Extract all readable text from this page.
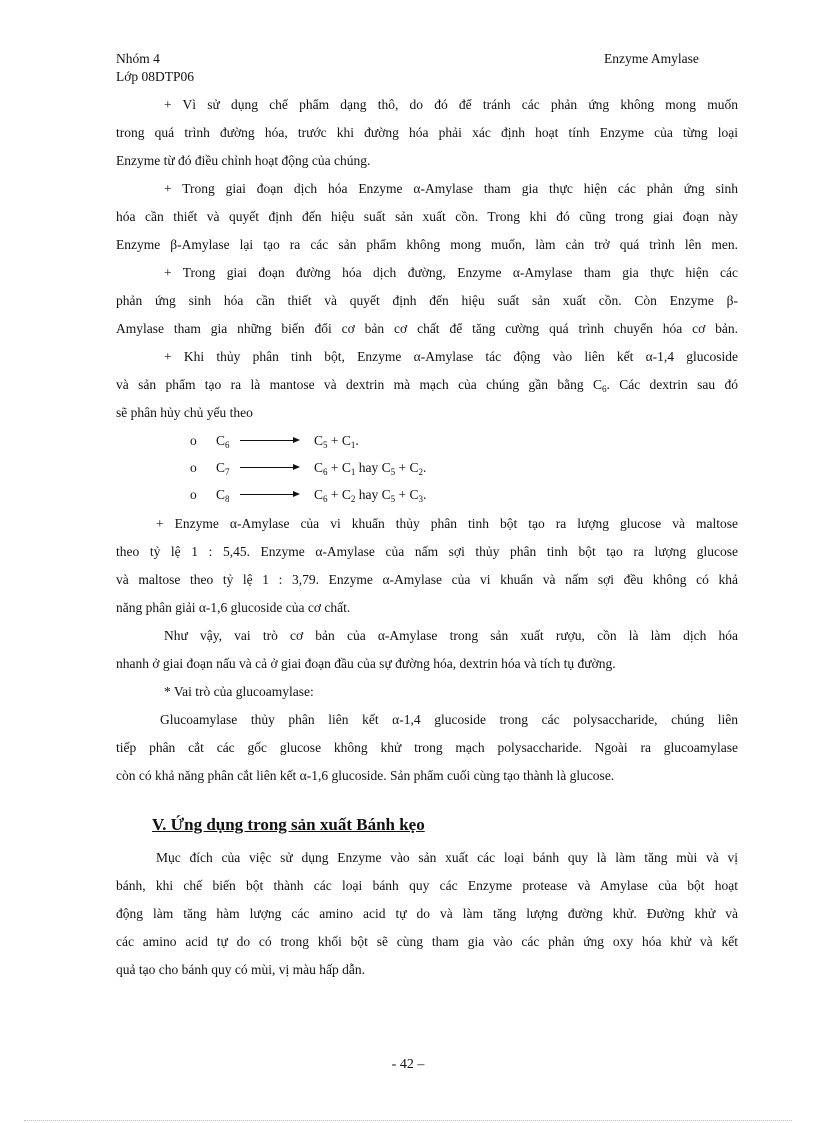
Nhóm 4
Lớp 08DTP06
Enzyme Amylase
+ Vì sử dụng chế phẩm dạng thô, do đó để tránh các phản ứng không mong muốn
trong quá trình đường hóa, trước khi đường hóa phải xác định hoạt tính Enzyme của từng loại
Enzyme từ đó điều chỉnh hoạt động của chúng.
+ Trong giai đoạn dịch hóa Enzyme α-Amylase tham gia thực hiện các phản ứng sinh
hóa cần thiết và quyết định đến hiệu suất sản xuất cồn. Trong khi đó cũng trong giai đoạn này
Enzyme β-Amylase lại tạo ra các sản phẩm không mong muốn, làm cản trở quá trình lên men.
+ Trong giai đoạn đường hóa dịch đường, Enzyme α-Amylase tham gia thực hiện các
phản ứng sinh hóa cần thiết và quyết định đến hiệu suất sản xuất cồn. Còn Enzyme β-
Amylase tham gia những biến đổi cơ bản cơ chất để tăng cường quá trình chuyển hóa cơ bản.
+ Khi thủy phân tinh bột, Enzyme α-Amylase tác động vào liên kết α-1,4 glucoside
và sản phẩm tạo ra là mantose và dextrin mà mạch của chúng gần bằng $C_6$. Các dextrin sau đó
sẽ phân hủy chủ yếu theo
o $C_6$	$C_5 + C_1$.
o $C_7$	$C_6 + C_1$ hay $C_5 + C_2$.
o $C_8$	$C_6 + C_2$ hay $C_5 + C_3$.
+ Enzyme α-Amylase của vi khuẩn thủy phân tinh bột tạo ra lượng glucose và maltose
theo tỷ lệ 1 : 5,45. Enzyme α-Amylase của nấm sợi thủy phân tinh bột tạo ra lượng glucose
và maltose theo tỷ lệ 1 : 3,79. Enzyme α-Amylase của vi khuẩn và nấm sợi đều không có khả
năng phân giải α-1,6 glucoside của cơ chất.
Như vậy, vai trò cơ bản của α-Amylase trong sản xuất rượu, cồn là làm dịch hóa
nhanh ở giai đoạn nấu và cả ở giai đoạn đầu của sự đường hóa, dextrin hóa và tích tụ đường.
* Vai trò của glucoamylase:
Glucoamylase thủy phân liên kết α-1,4 glucoside trong các polysaccharide, chúng liên
tiếp phân cắt các gốc glucose không khử trong mạch polysaccharide. Ngoài ra glucoamylase
còn có khả năng phân cắt liên kết α-1,6 glucoside. Sản phẩm cuối cùng tạo thành là glucose.
V. Ứng dụng trong sản xuất Bánh kẹo
Mục đích của việc sử dụng Enzyme vào sản xuất các loại bánh quy là làm tăng mùi và vị
bánh, khi chế biến bột thành các loại bánh quy các Enzyme protease và Amylase của bột hoạt
động làm tăng hàm lượng các amino acid tự do và làm tăng lượng đường khử. Đường khử và
các amino acid tự do có trong khối bột sẽ cùng tham gia vào các phản ứng oxy hóa khử và kết
quả tạo cho bánh quy có mùi, vị màu hấp dẫn.
- 42 –
